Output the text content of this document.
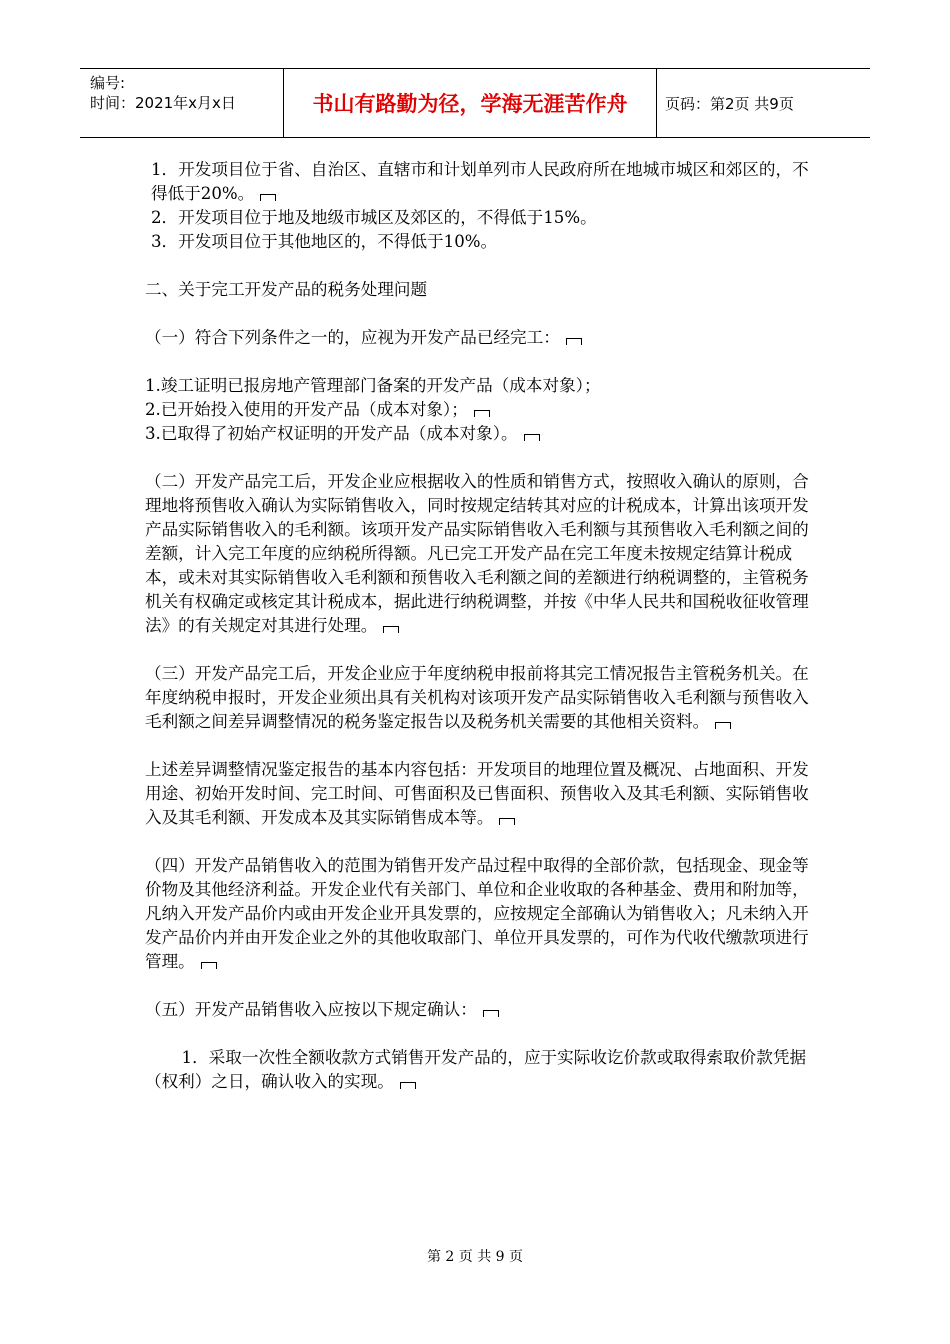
编号:
时间：2021年x月x日	书山有路勤为径，学海无涯苦作舟	页码：第2页 共9页

1．开发项目位于省、自治区、直辖市和计划单列市人民政府所在地城市城区和郊区的，不得低于20%。

2．开发项目位于地及地级市城区及郊区的，不得低于15%。

3．开发项目位于其他地区的，不得低于10%。

二、关于完工开发产品的税务处理问题

（一）符合下列条件之一的，应视为开发产品已经完工：

1.竣工证明已报房地产管理部门备案的开发产品（成本对象）；

2.已开始投入使用的开发产品（成本对象）；

3.已取得了初始产权证明的开发产品（成本对象）。

（二）开发产品完工后，开发企业应根据收入的性质和销售方式，按照收入确认的原则，合理地将预售收入确认为实际销售收入，同时按规定结转其对应的计税成本，计算出该项开发产品实际销售收入的毛利额。该项开发产品实际销售收入毛利额与其预售收入毛利额之间的差额，计入完工年度的应纳税所得额。凡已完工开发产品在完工年度未按规定结算计税成本，或未对其实际销售收入毛利额和预售收入毛利额之间的差额进行纳税调整的，主管税务机关有权确定或核定其计税成本，据此进行纳税调整，并按《中华人民共和国税收征收管理法》的有关规定对其进行处理。

（三）开发产品完工后，开发企业应于年度纳税申报前将其完工情况报告主管税务机关。在年度纳税申报时，开发企业须出具有关机构对该项开发产品实际销售收入毛利额与预售收入毛利额之间差异调整情况的税务鉴定报告以及税务机关需要的其他相关资料。

上述差异调整情况鉴定报告的基本内容包括：开发项目的地理位置及概况、占地面积、开发用途、初始开发时间、完工时间、可售面积及已售面积、预售收入及其毛利额、实际销售收入及其毛利额、开发成本及其实际销售成本等。

（四）开发产品销售收入的范围为销售开发产品过程中取得的全部价款，包括现金、现金等价物及其他经济利益。开发企业代有关部门、单位和企业收取的各种基金、费用和附加等，凡纳入开发产品价内或由开发企业开具发票的，应按规定全部确认为销售收入；凡未纳入开发产品价内并由开发企业之外的其他收取部门、单位开具发票的，可作为代收代缴款项进行管理。

（五）开发产品销售收入应按以下规定确认：

1．采取一次性全额收款方式销售开发产品的，应于实际收讫价款或取得索取价款凭据（权利）之日，确认收入的实现。

第 2 页 共 9 页
